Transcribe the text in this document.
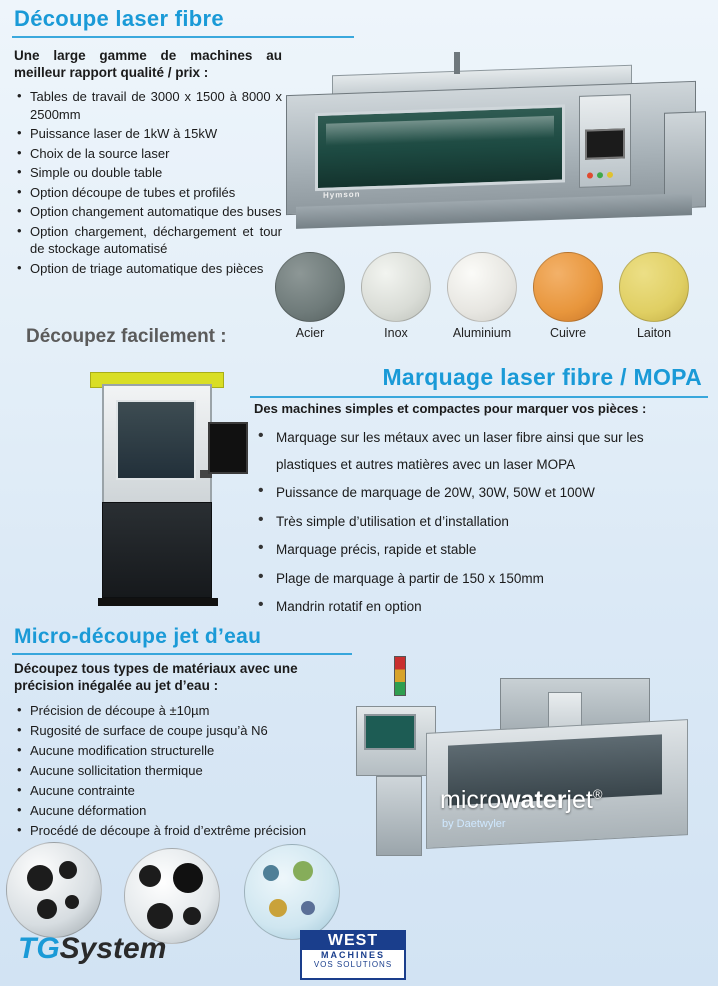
Découpe laser fibre
Une large gamme de machines au meilleur rapport qualité / prix :
• Tables de travail de 3000 x 1500 à 8000 x 2500mm
• Puissance laser de 1kW à 15kW
• Choix de la source laser
• Simple ou double table
• Option découpe de tubes et profilés
• Option changement automatique des buses
• Option chargement, déchargement et tour de stockage automatisé
• Option de triage automatique des pièces
Hymson
Acier	Inox	Aluminium	Cuivre	Laiton
Découpez facilement :
Marquage laser fibre / MOPA
Des machines simples et compactes pour marquer vos pièces :
• Marquage sur les métaux avec un laser fibre ainsi que sur les plastiques et autres matières avec un laser MOPA
• Puissance de marquage de 20W, 30W, 50W et 100W
• Très simple d’utilisation et d’installation
• Marquage précis, rapide et stable
• Plage de marquage à partir de 150 x 150mm
• Mandrin rotatif en option
Micro-découpe jet d’eau
Découpez tous types de matériaux avec une précision inégalée au jet d’eau :
• Précision de découpe à ±10µm
• Rugosité de surface de coupe jusqu’à N6
• Aucune modification structurelle
• Aucune sollicitation thermique
• Aucune contrainte
• Aucune déformation
• Procédé de découpe à froid d’extrême précision
microwaterjet®
by Daetwyler
TGSystem	WEST
MACHINES
VOS SOLUTIONS
